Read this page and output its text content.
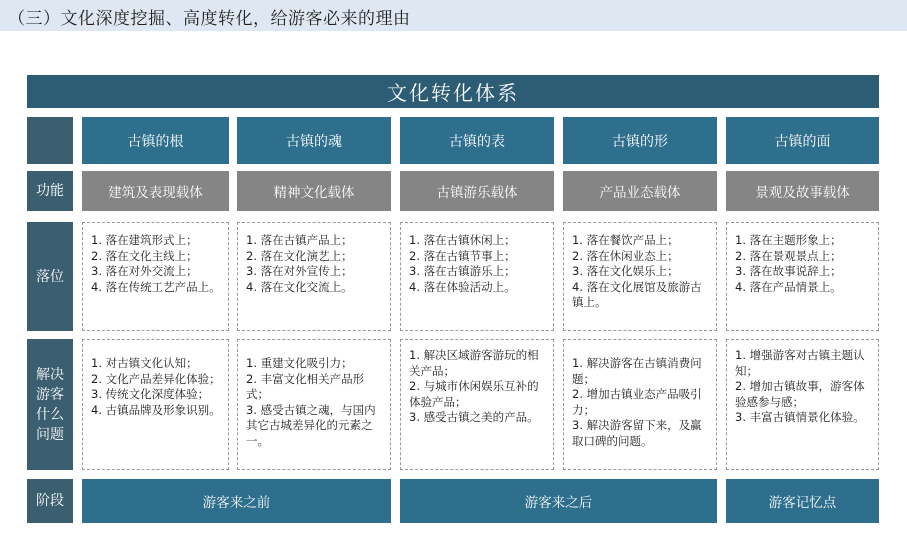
（三）文化深度挖掘、高度转化，给游客必来的理由
文化转化体系
功能
落位
解决游客什么问题
阶段
古镇的根
建筑及表现载体
1. 落在建筑形式上；
2. 落在文化主线上；
3. 落在对外交流上；
4. 落在传统工艺产品上。
1. 对古镇文化认知；
2. 文化产品差异化体验；
3. 传统文化深度体验；
4. 古镇品牌及形象识别。
古镇的魂
精神文化载体
1. 落在古镇产品上；
2. 落在文化演艺上；
3. 落在对外宣传上；
4. 落在文化交流上。
1. 重建文化吸引力；
2. 丰富文化相关产品形式；
3. 感受古镇之魂，与国内其它古城差异化的元素之一。
古镇的表
古镇游乐载体
1. 落在古镇休闲上；
2. 落在古镇节事上；
3. 落在古镇游乐上；
4. 落在体验活动上。
1. 解决区域游客游玩的相关产品；
2. 与城市休闲娱乐互补的体验产品；
3. 感受古镇之美的产品。
古镇的形
产品业态载体
1. 落在餐饮产品上；
2. 落在休闲业态上；
3. 落在文化娱乐上；
4. 落在文化展馆及旅游古镇上。
1. 解决游客在古镇消费问题；
2. 增加古镇业态产品吸引力；
3. 解决游客留下来，及赢取口碑的问题。
古镇的面
景观及故事载体
1. 落在主题形象上；
2. 落在景观景点上；
3. 落在故事说辞上；
4. 落在产品情景上。
1. 增强游客对古镇主题认知；
2. 增加古镇故事，游客体验感参与感；
3. 丰富古镇情景化体验。
游客来之前	游客来之后	游客记忆点
